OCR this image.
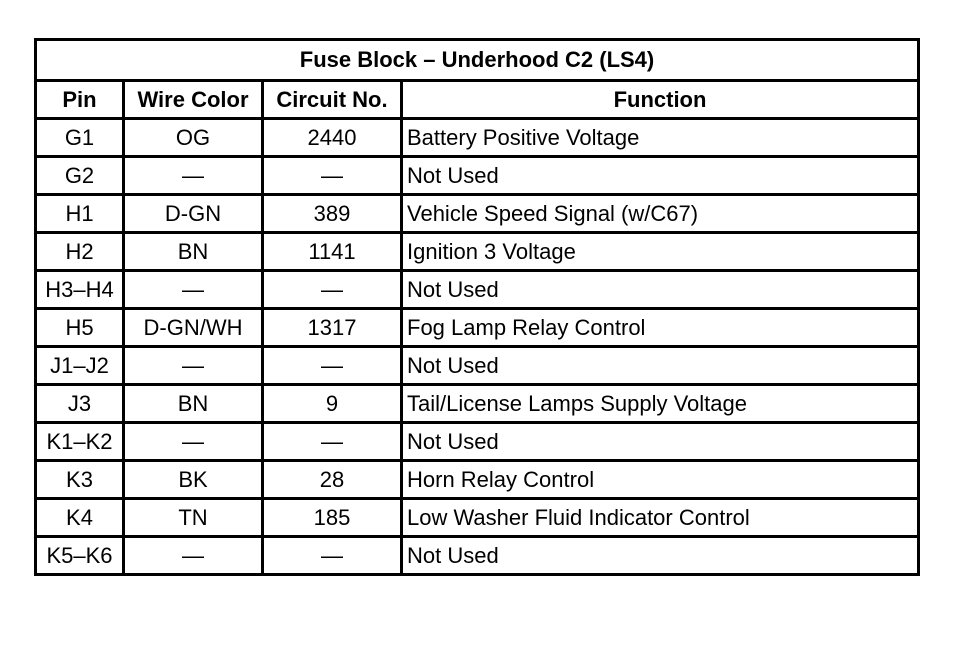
Fuse Block – Underhood C2 (LS4)			
Pin	Wire Color	Circuit No.	Function
G1	OG	2440	Battery Positive Voltage
G2	—	—	Not Used
H1	D-GN	389	Vehicle Speed Signal (w/C67)
H2	BN	1141	Ignition 3 Voltage
H3–H4	—	—	Not Used
H5	D-GN/WH	1317	Fog Lamp Relay Control
J1–J2	—	—	Not Used
J3	BN	9	Tail/License Lamps Supply Voltage
K1–K2	—	—	Not Used
K3	BK	28	Horn Relay Control
K4	TN	185	Low Washer Fluid Indicator Control
K5–K6	—	—	Not Used
